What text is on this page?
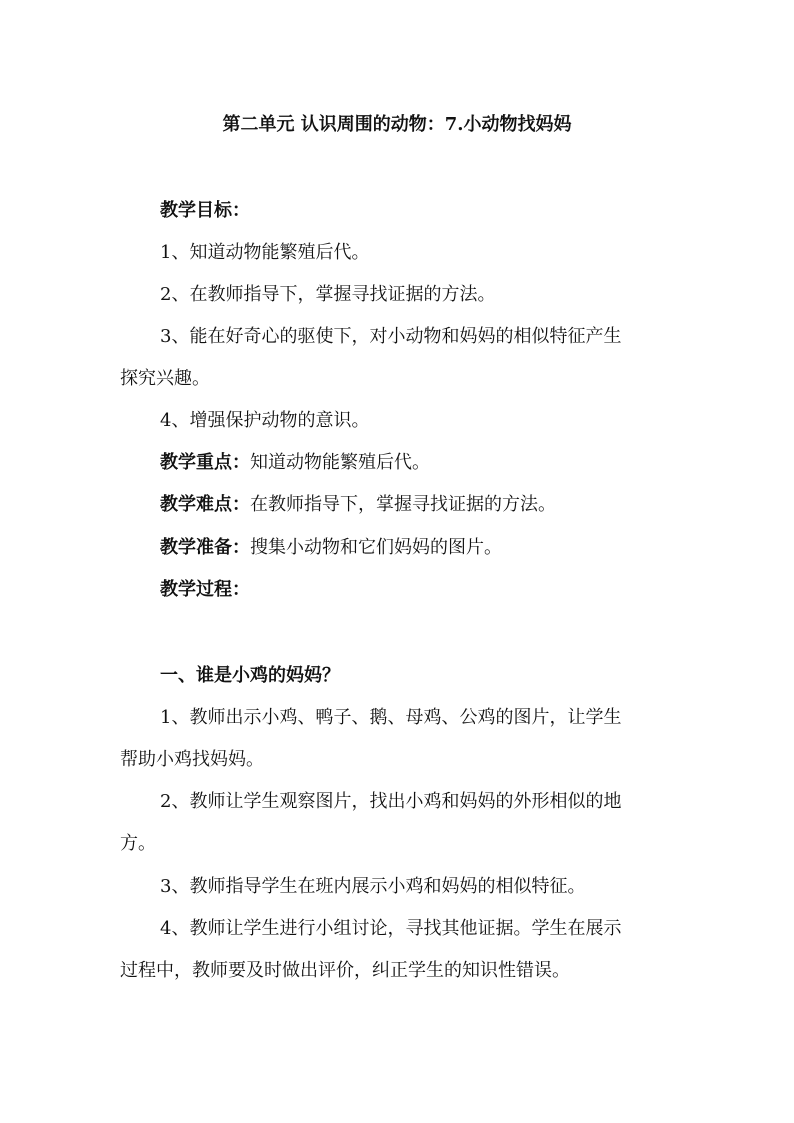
第二单元 认识周围的动物：7.小动物找妈妈
教学目标：
1、知道动物能繁殖后代。
2、在教师指导下，掌握寻找证据的方法。
3、能在好奇心的驱使下，对小动物和妈妈的相似特征产生
探究兴趣。
4、增强保护动物的意识。
教学重点：知道动物能繁殖后代。
教学难点：在教师指导下，掌握寻找证据的方法。
教学准备：搜集小动物和它们妈妈的图片。
教学过程：
一、谁是小鸡的妈妈？
1、教师出示小鸡、鸭子、鹅、母鸡、公鸡的图片，让学生
帮助小鸡找妈妈。
2、教师让学生观察图片，找出小鸡和妈妈的外形相似的地
方。
3、教师指导学生在班内展示小鸡和妈妈的相似特征。
4、教师让学生进行小组讨论，寻找其他证据。学生在展示
过程中，教师要及时做出评价，纠正学生的知识性错误。
